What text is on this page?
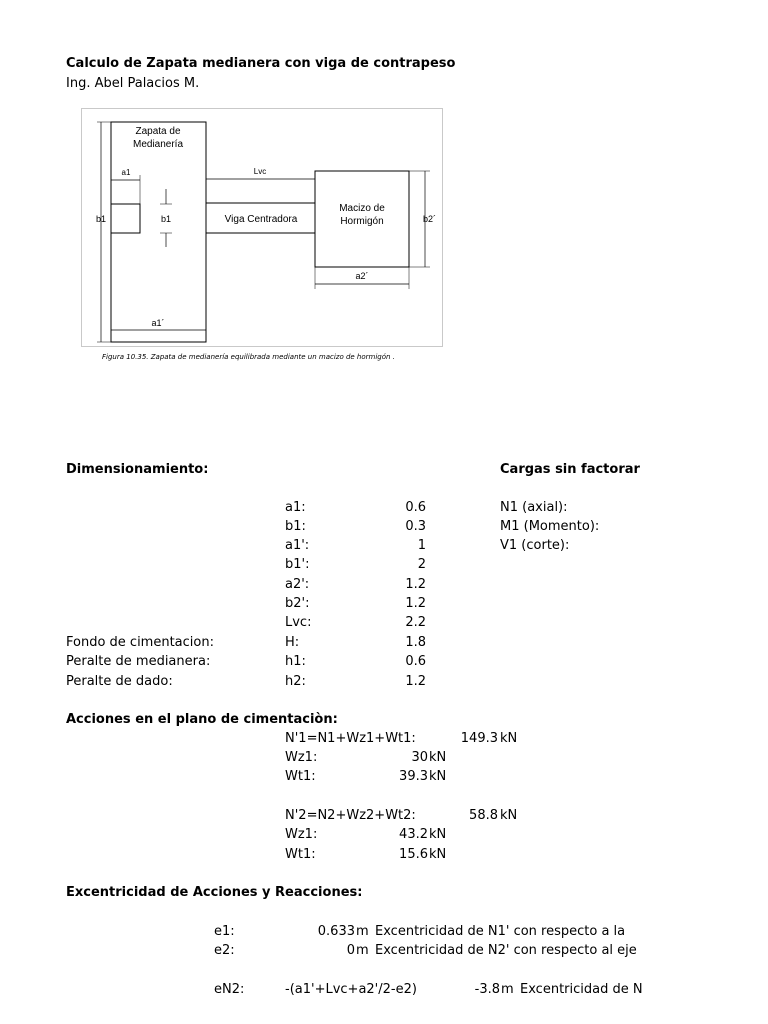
Calculo de Zapata medianera con viga de contrapeso
Ing. Abel Palacios M.
Zapata de
Medianería
a1	Lvc
b1	b1	Viga Centradora
Macizo de
Hormigón	b2´
a2´
a1´
Figura 10.35. Zapata de medianería equilibrada mediante un macizo de hormigón .
Dimensionamiento:
a1:	0.6
b1:	0.3
a1':	1
b1':	2
a2':	1.2
b2':	1.2
Lvc:	2.2
Fondo de cimentacion:	H:	1.8
Peralte de medianera:	h1:	0.6
Peralte de dado:	h2:	1.2
Cargas sin factorar
N1 (axial):
M1 (Momento):
V1 (corte):
Acciones en el plano de cimentaciòn:
N'1=N1+Wz1+Wt1:	149.3 kN
Wz1:	30 kN
Wt1:	39.3 kN
N'2=N2+Wz2+Wt2:	58.8 kN
Wz1:	43.2 kN
Wt1:	15.6 kN
Excentricidad de Acciones y Reacciones:
e1:	0.633 m Excentricidad de N1' con respecto a la
e2:	0 m Excentricidad de N2' con respecto al eje
eN2:	-(a1'+Lvc+a2'/2-e2)	-3.8 m Excentricidad de N
